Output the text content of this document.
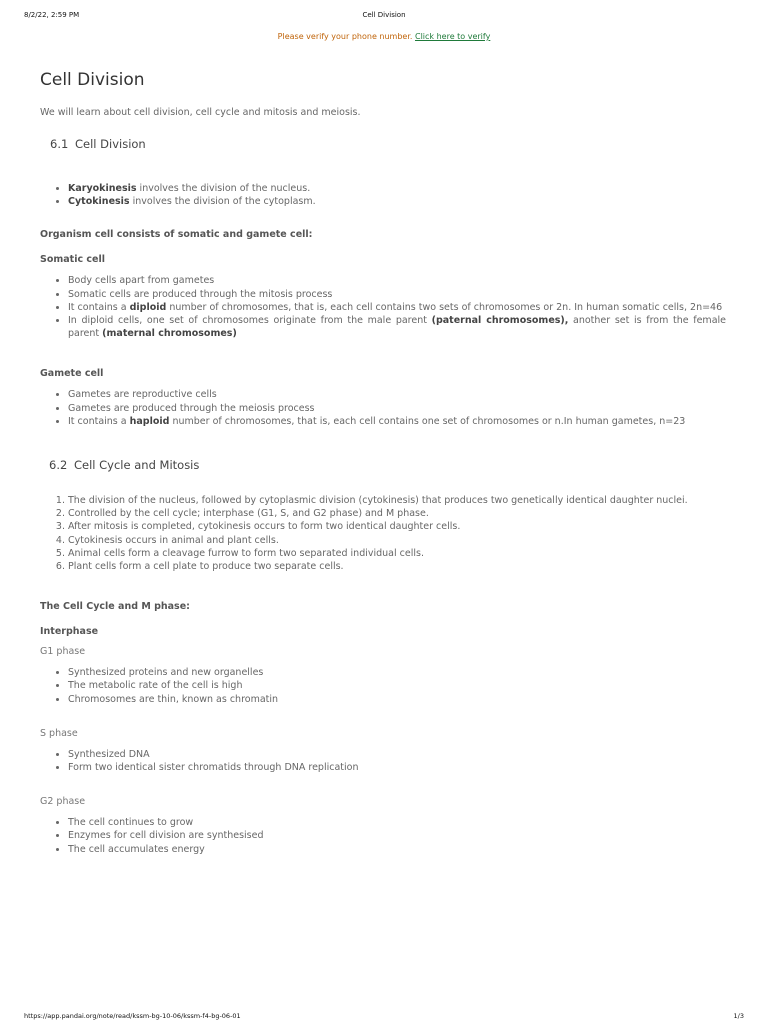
8/2/22, 2:59 PM	Cell Division
Please verify your phone number. Click here to verify
Cell Division

We will learn about cell division, cell cycle and mitosis and meiosis.

6.1 Cell Division
• Karyokinesis involves the division of the nucleus.
• Cytokinesis involves the division of the cytoplasm.

Organism cell consists of somatic and gamete cell:

Somatic cell

• Body cells apart from gametes
• Somatic cells are produced through the mitosis process
• It contains a diploid number of chromosomes, that is, each cell contains two sets of chromosomes or 2n. In human somatic cells, 2n=46
• In diploid cells, one set of chromosomes originate from the male parent (paternal chromosomes), another set is from the female parent (maternal chromosomes)

Gamete cell

• Gametes are reproductive cells
• Gametes are produced through the meiosis process
• It contains a haploid number of chromosomes, that is, each cell contains one set of chromosomes or n.In human gametes, n=23
6.2 Cell Cycle and Mitosis
1. The division of the nucleus, followed by cytoplasmic division (cytokinesis) that produces two genetically identical daughter nuclei.
2. Controlled by the cell cycle; interphase (G1, S, and G2 phase) and M phase.
3. After mitosis is completed, cytokinesis occurs to form two identical daughter cells.
4. Cytokinesis occurs in animal and plant cells.
5. Animal cells form a cleavage furrow to form two separated individual cells.
6. Plant cells form a cell plate to produce two separate cells.

The Cell Cycle and M phase:

Interphase

G1 phase

• Synthesized proteins and new organelles
• The metabolic rate of the cell is high
• Chromosomes are thin, known as chromatin

S phase

• Synthesized DNA
• Form two identical sister chromatids through DNA replication

G2 phase

• The cell continues to grow
• Enzymes for cell division are synthesised
• The cell accumulates energy
https://app.pandai.org/note/read/kssm-bg-10-06/kssm-f4-bg-06-01	1/3
